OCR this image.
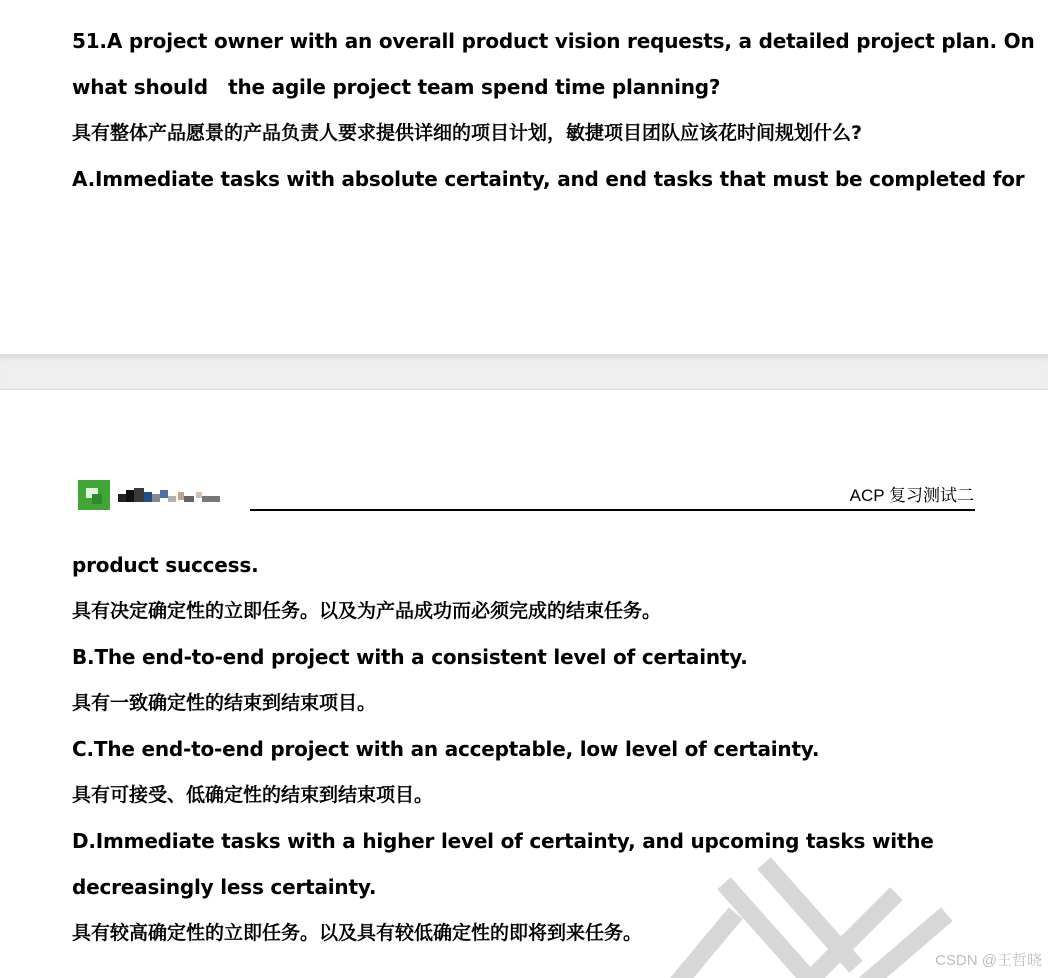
51.A project owner with an overall product vision requests, a detailed project plan. On
what should   the agile project team spend time planning?
具有整体产品愿景的产品负责人要求提供详细的项目计划，敏捷项目团队应该花时间规划什么?
A.Immediate tasks with absolute certainty, and end tasks that must be completed for
ACP 复习测试二
product success.
具有决定确定性的立即任务。以及为产品成功而必须完成的结束任务。
B.The end-to-end project with a consistent level of certainty.
具有一致确定性的结束到结束项目。
C.The end-to-end project with an acceptable, low level of certainty.
具有可接受、低确定性的结束到结束项目。
D.Immediate tasks with a higher level of certainty, and upcoming tasks withe
decreasingly less certainty.
具有较高确定性的立即任务。以及具有较低确定性的即将到来任务。
CSDN @王哲晓
